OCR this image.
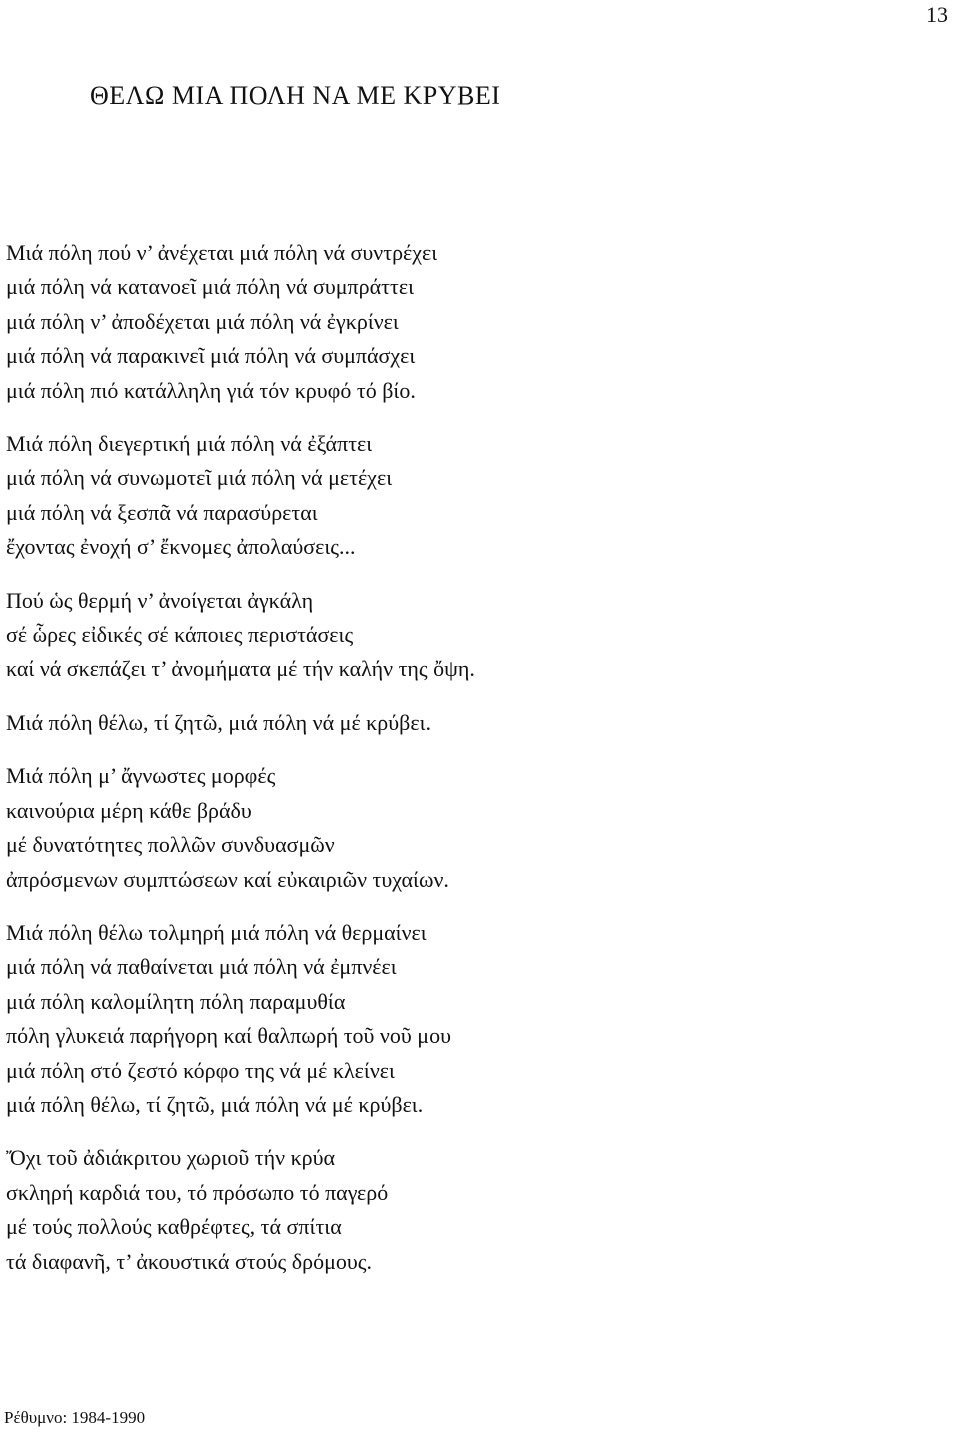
13
ΘΕΛΩ ΜΙΑ ΠΟΛΗ ΝΑ ΜΕ ΚΡΥΒΕΙ
Μιά πόλη πού ν’ ἀνέχεται μιά πόλη νά συντρέχει
μιά πόλη νά κατανοεῖ μιά πόλη νά συμπράττει
μιά πόλη ν’ ἀποδέχεται μιά πόλη νά ἐγκρίνει
μιά πόλη νά παρακινεῖ μιά πόλη νά συμπάσχει
μιά πόλη πιό κατάλληλη γιά τόν κρυφό τό βίο.
Μιά πόλη διεγερτική μιά πόλη νά ἐξάπτει
μιά πόλη νά συνωμοτεῖ μιά πόλη νά μετέχει
μιά πόλη νά ξεσπᾶ νά παρασύρεται
ἔχοντας ἐνοχή σ’ ἔκνομες ἀπολαύσεις...
Πού ὡς θερμή ν’ ἀνοίγεται ἀγκάλη
σέ ὧρες εἰδικές σέ κάποιες περιστάσεις
καί νά σκεπάζει τ’ ἀνομήματα μέ τήν καλήν της ὄψη.
Μιά πόλη θέλω, τί ζητῶ, μιά πόλη νά μέ κρύβει.
Μιά πόλη μ’ ἄγνωστες μορφές
καινούρια μέρη κάθε βράδυ
μέ δυνατότητες πολλῶν συνδυασμῶν
ἀπρόσμενων συμπτώσεων καί εὐκαιριῶν τυχαίων.
Μιά πόλη θέλω τολμηρή μιά πόλη νά θερμαίνει
μιά πόλη νά παθαίνεται μιά πόλη νά ἐμπνέει
μιά πόλη καλομίλητη πόλη παραμυθία
πόλη γλυκειά παρήγορη καί θαλπωρή τοῦ νοῦ μου
μιά πόλη στό ζεστό κόρφο της νά μέ κλείνει
μιά πόλη θέλω, τί ζητῶ, μιά πόλη νά μέ κρύβει.
Ὄχι τοῦ ἀδιάκριτου χωριοῦ τήν κρύα
σκληρή καρδιά του, τό πρόσωπο τό παγερό
μέ τούς πολλούς καθρέφτες, τά σπίτια
τά διαφανῆ, τ’ ἀκουστικά στούς δρόμους.
Ρέθυμνο: 1984-1990
